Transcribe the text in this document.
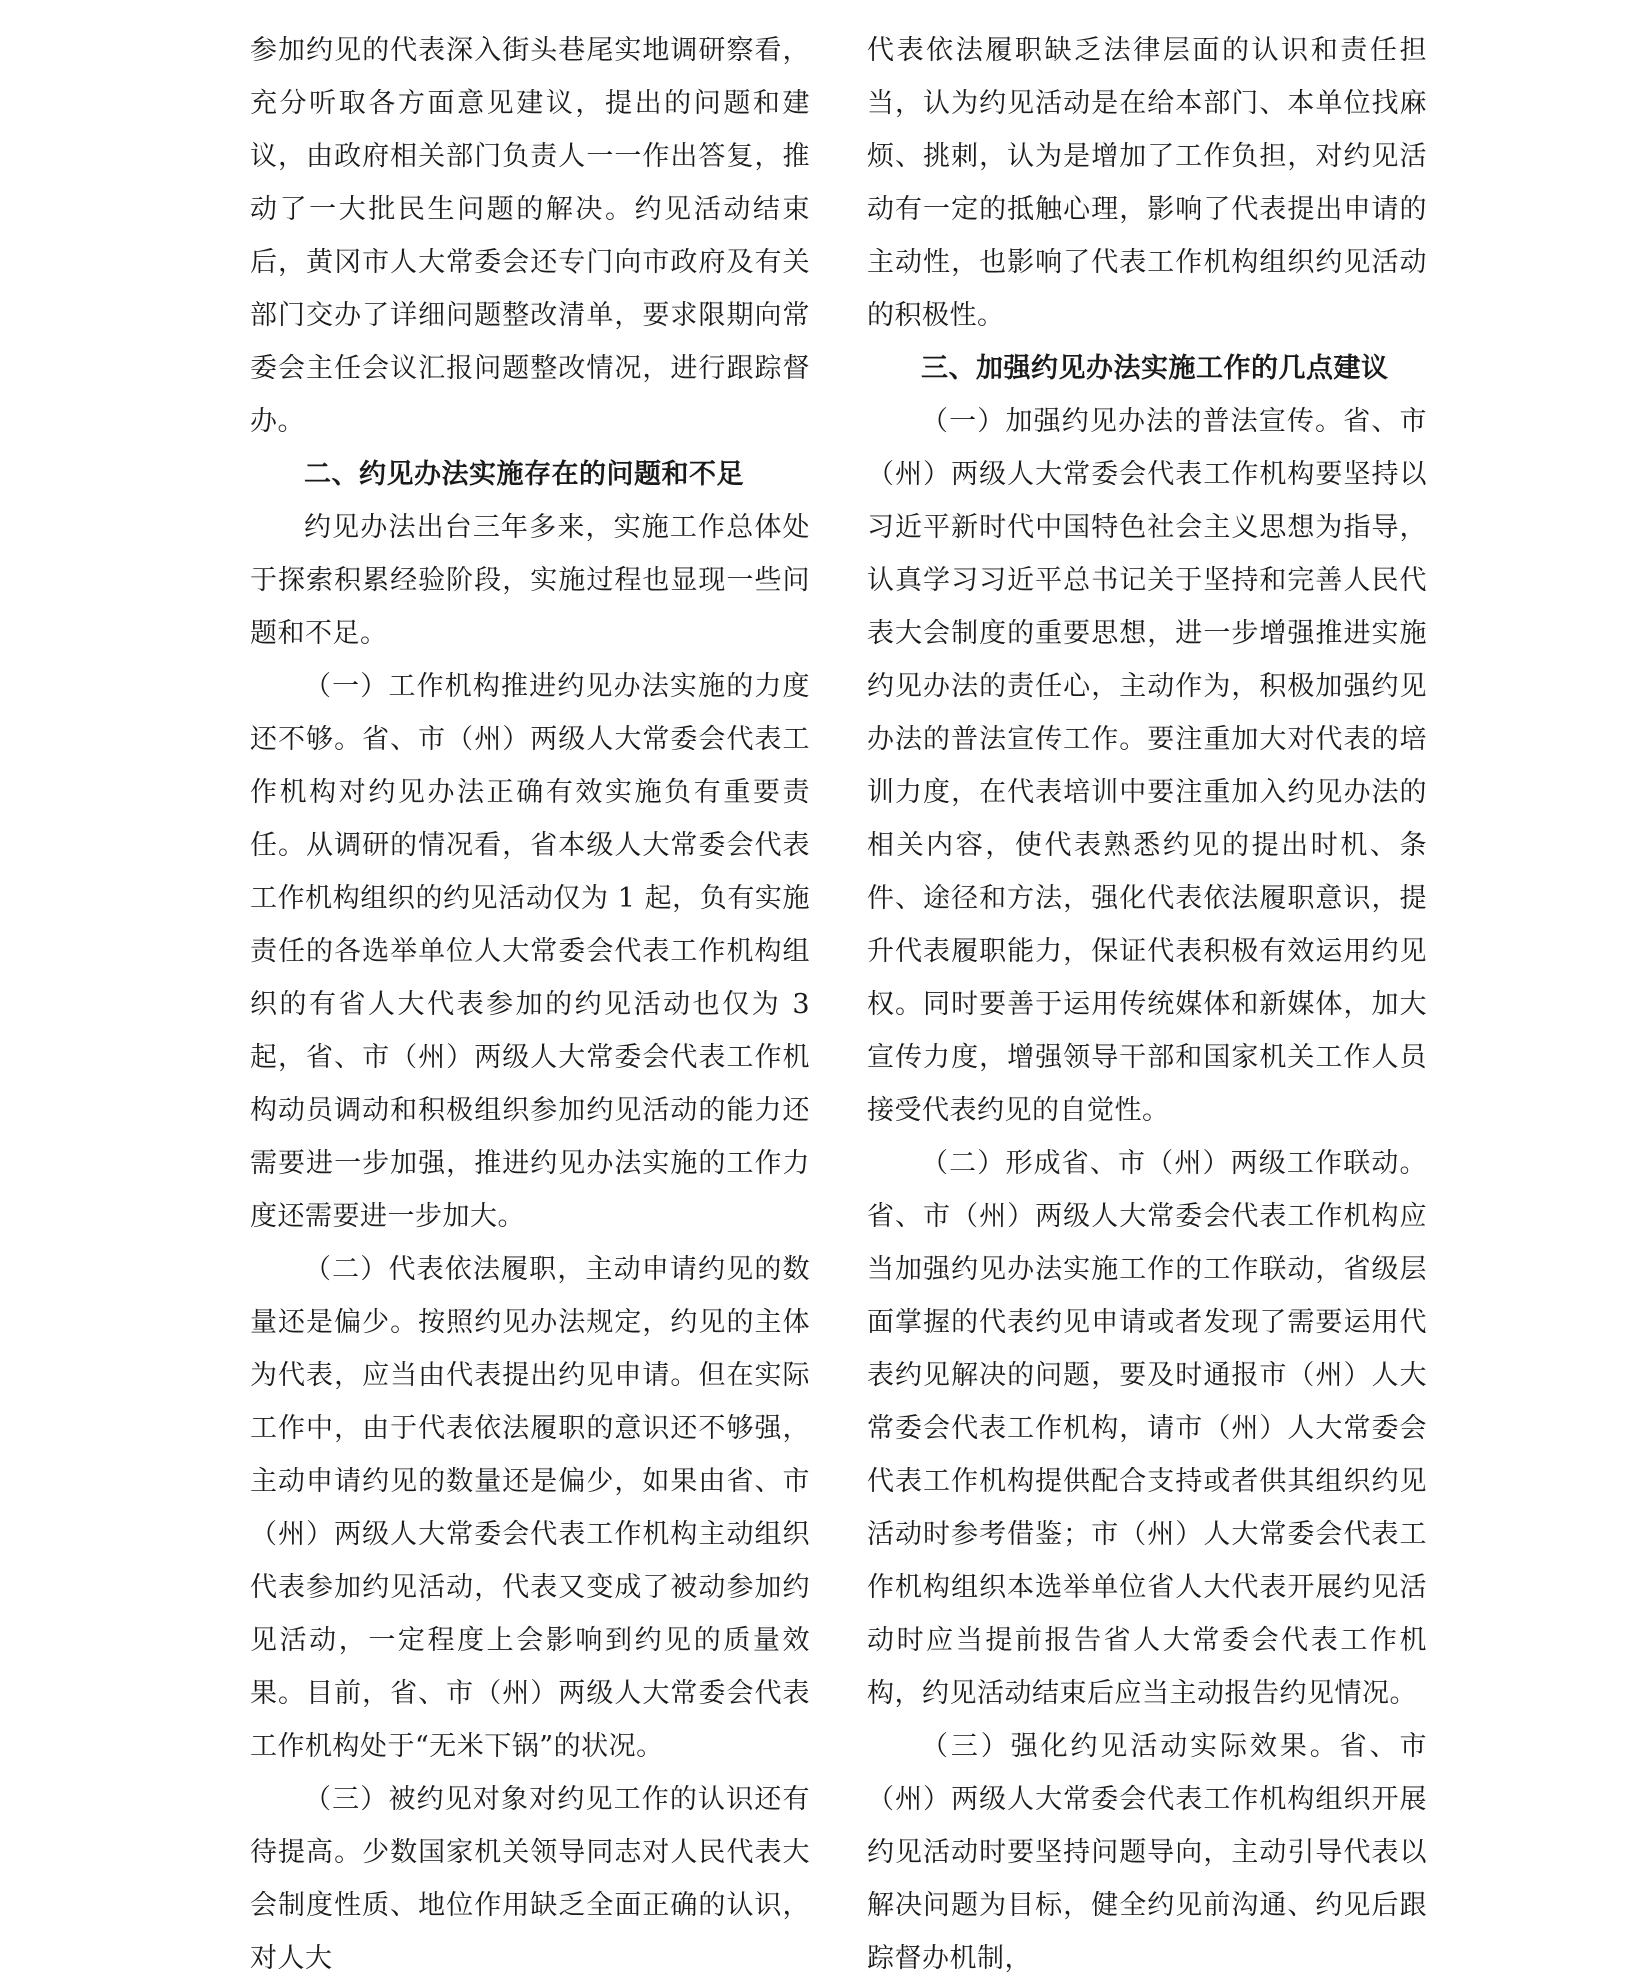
参加约见的代表深入街头巷尾实地调研察看，充分听取各方面意见建议，提出的问题和建议，由政府相关部门负责人一一作出答复，推动了一大批民生问题的解决。约见活动结束后，黄冈市人大常委会还专门向市政府及有关部门交办了详细问题整改清单，要求限期向常委会主任会议汇报问题整改情况，进行跟踪督办。

二、约见办法实施存在的问题和不足

约见办法出台三年多来，实施工作总体处于探索积累经验阶段，实施过程也显现一些问题和不足。

（一）工作机构推进约见办法实施的力度还不够。省、市（州）两级人大常委会代表工作机构对约见办法正确有效实施负有重要责任。从调研的情况看，省本级人大常委会代表工作机构组织的约见活动仅为 1 起，负有实施责任的各选举单位人大常委会代表工作机构组织的有省人大代表参加的约见活动也仅为 3 起，省、市（州）两级人大常委会代表工作机构动员调动和积极组织参加约见活动的能力还需要进一步加强，推进约见办法实施的工作力度还需要进一步加大。

（二）代表依法履职，主动申请约见的数量还是偏少。按照约见办法规定，约见的主体为代表，应当由代表提出约见申请。但在实际工作中，由于代表依法履职的意识还不够强，主动申请约见的数量还是偏少，如果由省、市（州）两级人大常委会代表工作机构主动组织代表参加约见活动，代表又变成了被动参加约见活动，一定程度上会影响到约见的质量效果。目前，省、市（州）两级人大常委会代表工作机构处于“无米下锅”的状况。

（三）被约见对象对约见工作的认识还有待提高。少数国家机关领导同志对人民代表大会制度性质、地位作用缺乏全面正确的认识，对人大

代表依法履职缺乏法律层面的认识和责任担当，认为约见活动是在给本部门、本单位找麻烦、挑刺，认为是增加了工作负担，对约见活动有一定的抵触心理，影响了代表提出申请的主动性，也影响了代表工作机构组织约见活动的积极性。

三、加强约见办法实施工作的几点建议

（一）加强约见办法的普法宣传。省、市（州）两级人大常委会代表工作机构要坚持以习近平新时代中国特色社会主义思想为指导，认真学习习近平总书记关于坚持和完善人民代表大会制度的重要思想，进一步增强推进实施约见办法的责任心，主动作为，积极加强约见办法的普法宣传工作。要注重加大对代表的培训力度，在代表培训中要注重加入约见办法的相关内容，使代表熟悉约见的提出时机、条件、途径和方法，强化代表依法履职意识，提升代表履职能力，保证代表积极有效运用约见权。同时要善于运用传统媒体和新媒体，加大宣传力度，增强领导干部和国家机关工作人员接受代表约见的自觉性。

（二）形成省、市（州）两级工作联动。省、市（州）两级人大常委会代表工作机构应当加强约见办法实施工作的工作联动，省级层面掌握的代表约见申请或者发现了需要运用代表约见解决的问题，要及时通报市（州）人大常委会代表工作机构，请市（州）人大常委会代表工作机构提供配合支持或者供其组织约见活动时参考借鉴；市（州）人大常委会代表工作机构组织本选举单位省人大代表开展约见活动时应当提前报告省人大常委会代表工作机构，约见活动结束后应当主动报告约见情况。

（三）强化约见活动实际效果。省、市（州）两级人大常委会代表工作机构组织开展约见活动时要坚持问题导向，主动引导代表以解决问题为目标，健全约见前沟通、约见后跟踪督办机制，
